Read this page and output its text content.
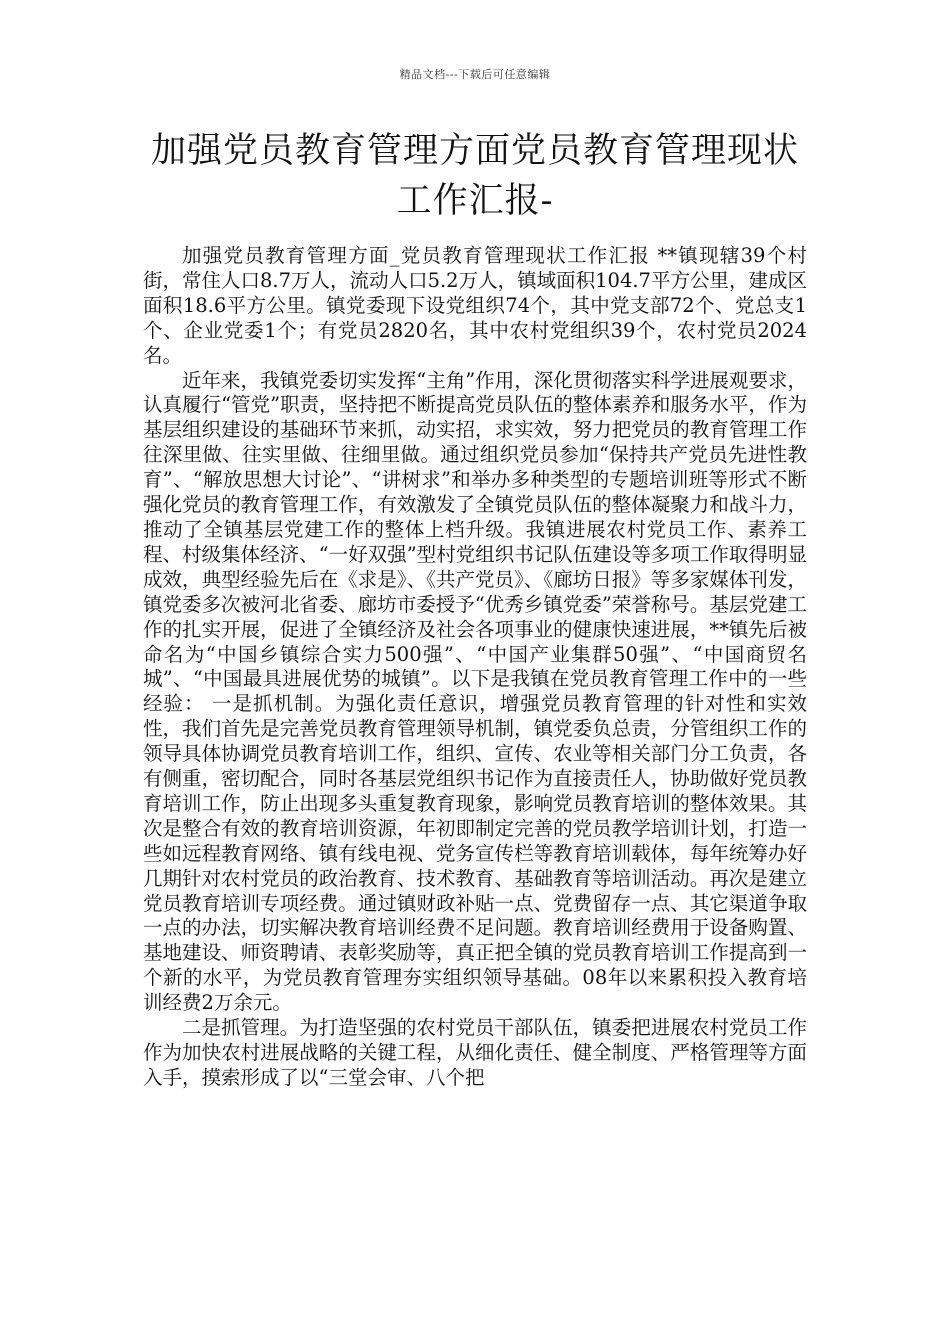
精品文档---下载后可任意编辑
加强党员教育管理方面党员教育管理现状工作汇报-

加强党员教育管理方面_党员教育管理现状工作汇报 **镇现辖39个村街，常住人口8.7万人，流动人口5.2万人，镇域面积104.7平方公里，建成区面积18.6平方公里。镇党委现下设党组织74个，其中党支部72个、党总支1个、企业党委1个；有党员2820名，其中农村党组织39个，农村党员2024名。

近年来，我镇党委切实发挥“主角”作用，深化贯彻落实科学进展观要求，认真履行“管党”职责，坚持把不断提高党员队伍的整体素养和服务水平，作为基层组织建设的基础环节来抓，动实招，求实效，努力把党员的教育管理工作往深里做、往实里做、往细里做。通过组织党员参加“保持共产党员先进性教育”、“解放思想大讨论”、“讲树求”和举办多种类型的专题培训班等形式不断强化党员的教育管理工作，有效激发了全镇党员队伍的整体凝聚力和战斗力，推动了全镇基层党建工作的整体上档升级。我镇进展农村党员工作、素养工程、村级集体经济、“一好双强”型村党组织书记队伍建设等多项工作取得明显成效，典型经验先后在《求是》、《共产党员》、《廊坊日报》等多家媒体刊发，镇党委多次被河北省委、廊坊市委授予“优秀乡镇党委”荣誉称号。基层党建工作的扎实开展，促进了全镇经济及社会各项事业的健康快速进展，**镇先后被命名为“中国乡镇综合实力500强”、“中国产业集群50强”、“中国商贸名城”、“中国最具进展优势的城镇”。以下是我镇在党员教育管理工作中的一些经验： 一是抓机制。为强化责任意识，增强党员教育管理的针对性和实效性，我们首先是完善党员教育管理领导机制，镇党委负总责，分管组织工作的领导具体协调党员教育培训工作，组织、宣传、农业等相关部门分工负责，各有侧重，密切配合，同时各基层党组织书记作为直接责任人，协助做好党员教育培训工作，防止出现多头重复教育现象，影响党员教育培训的整体效果。其次是整合有效的教育培训资源，年初即制定完善的党员教学培训计划，打造一些如远程教育网络、镇有线电视、党务宣传栏等教育培训载体，每年统筹办好几期针对农村党员的政治教育、技术教育、基础教育等培训活动。再次是建立党员教育培训专项经费。通过镇财政补贴一点、党费留存一点、其它渠道争取一点的办法，切实解决教育培训经费不足问题。教育培训经费用于设备购置、基地建设、师资聘请、表彰奖励等，真正把全镇的党员教育培训工作提高到一个新的水平，为党员教育管理夯实组织领导基础。08年以来累积投入教育培训经费2万余元。

二是抓管理。为打造坚强的农村党员干部队伍，镇委把进展农村党员工作作为加快农村进展战略的关键工程，从细化责任、健全制度、严格管理等方面入手，摸索形成了以“三堂会审、八个把
